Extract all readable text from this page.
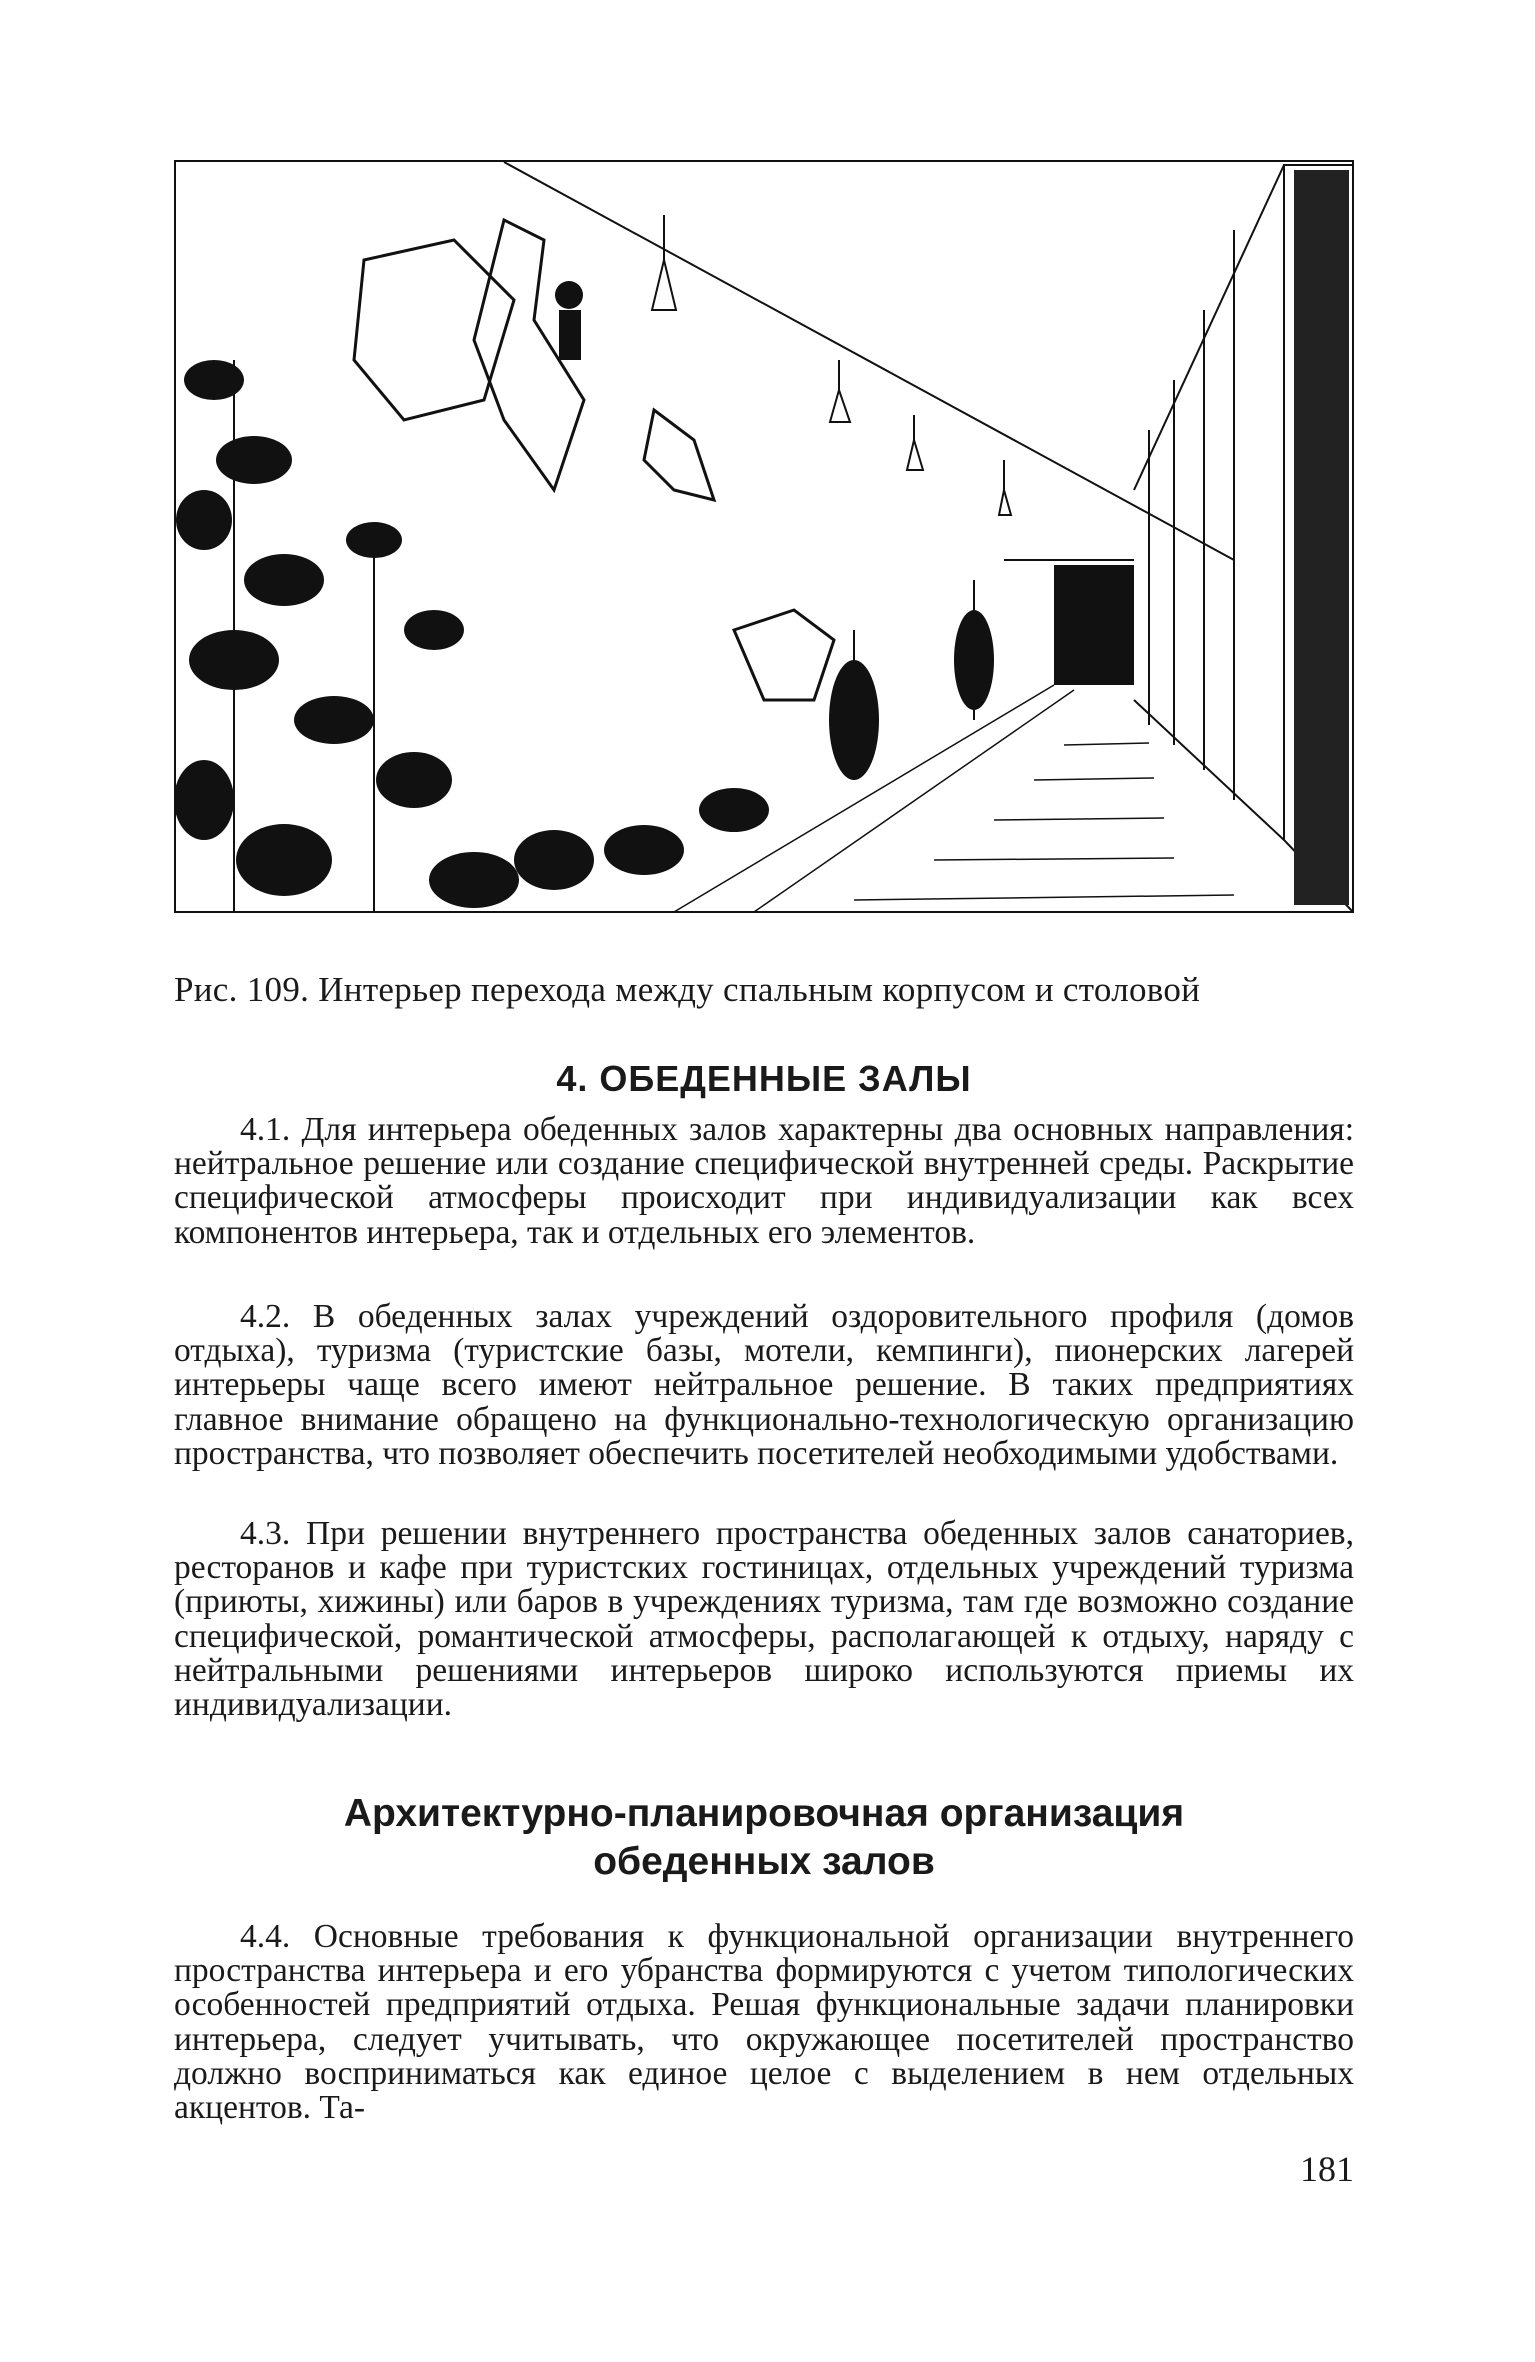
Рис. 109. Интерьер перехода между спальным корпусом и столовой
4. ОБЕДЕННЫЕ ЗАЛЫ
4.1. Для интерьера обеденных залов характерны два основных направления: нейтральное решение или создание специфической внутренней среды. Раскрытие специфической атмосферы происходит при индивидуализации как всех компонентов интерьера, так и отдельных его элементов.
4.2. В обеденных залах учреждений оздоровительного профиля (домов отдыха), туризма (туристские базы, мотели, кемпинги), пионерских лагерей интерьеры чаще всего имеют нейтральное решение. В таких предприятиях главное внимание обращено на функционально-технологическую организацию пространства, что позволяет обеспечить посетителей необходимыми удобствами.
4.3. При решении внутреннего пространства обеденных залов санаториев, ресторанов и кафе при туристских гостиницах, отдельных учреждений туризма (приюты, хижины) или баров в учреждениях туризма, там где возможно создание специфической, романтической атмосферы, располагающей к отдыху, наряду с нейтральными решениями интерьеров широко используются приемы их индивидуализации.
Архитектурно-планировочная организация
обеденных залов
4.4. Основные требования к функциональной организации внутреннего пространства интерьера и его убранства формируются с учетом типологических особенностей предприятий отдыха. Решая функциональные задачи планировки интерьера, следует учитывать, что окружающее посетителей пространство должно восприниматься как единое целое с выделением в нем отдельных акцентов. Та-
181
